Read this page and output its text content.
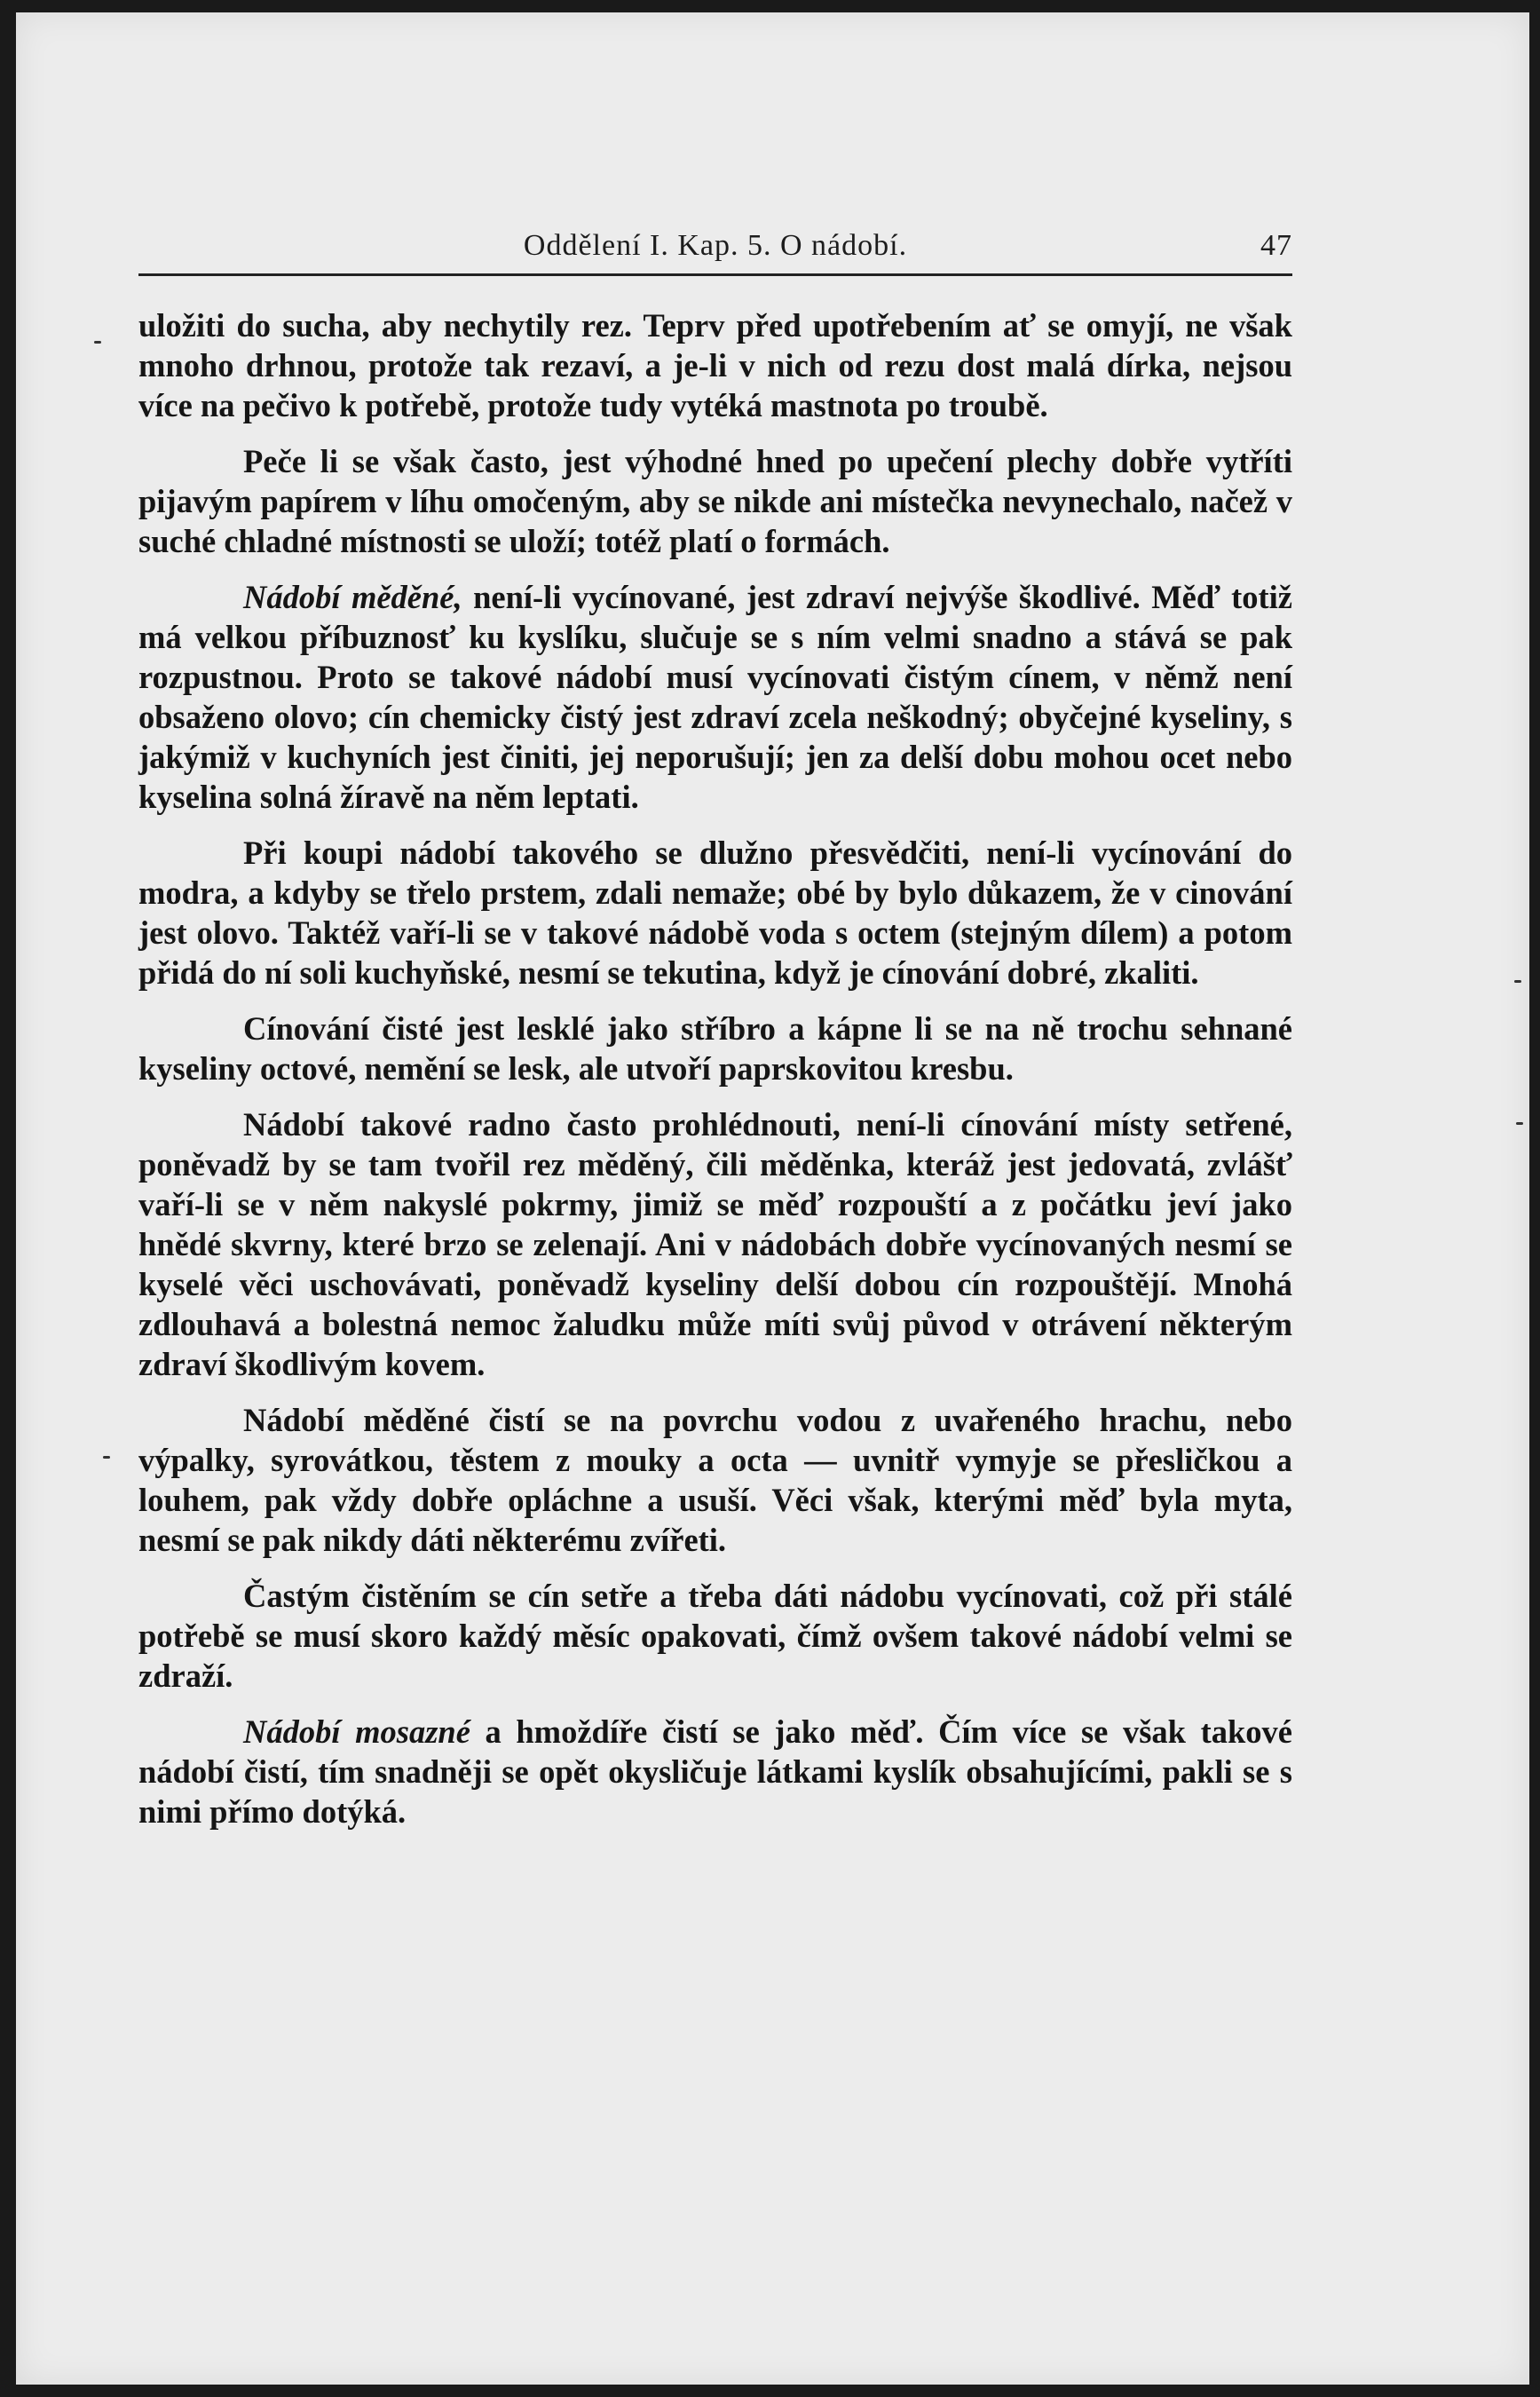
Oddělení I. Kap. 5. O nádobí.	47

uložiti do sucha, aby nechytily rez. Teprv před upotřebením ať se omyjí, ne však mnoho drhnou, protože tak rezaví, a je-li v nich od rezu dost malá dírka, nejsou více na pečivo k potřebě, protože tudy vytéká mastnota po troubě.

Peče li se však často, jest výhodné hned po upečení plechy dobře vytříti pijavým papírem v líhu omočeným, aby se nikde ani místečka nevynechalo, načež v suché chladné místnosti se uloží; totéž platí o formách.

Nádobí měděné, není-li vycínované, jest zdraví nejvýše škodlivé. Měď totiž má velkou příbuznosť ku kyslíku, slučuje se s ním velmi snadno a stává se pak rozpustnou. Proto se takové nádobí musí vycínovati čistým cínem, v němž není obsaženo olovo; cín chemicky čistý jest zdraví zcela neškodný; obyčejné kyseliny, s jakýmiž v kuchyních jest činiti, jej neporušují; jen za delší dobu mohou ocet nebo kyselina solná žíravě na něm leptati.

Při koupi nádobí takového se dlužno přesvědčiti, není-li vycínování do modra, a kdyby se třelo prstem, zdali nemaže; obé by bylo důkazem, že v cinování jest olovo. Taktéž vaří-li se v takové nádobě voda s octem (stejným dílem) a potom přidá do ní soli kuchyňské, nesmí se tekutina, když je cínování dobré, zkaliti.

Cínování čisté jest lesklé jako stříbro a kápne li se na ně trochu sehnané kyseliny octové, nemění se lesk, ale utvoří paprskovitou kresbu.

Nádobí takové radno často prohlédnouti, není-li cínování místy setřené, poněvadž by se tam tvořil rez měděný, čili měděnka, kteráž jest jedovatá, zvlášť vaří-li se v něm nakyslé pokrmy, jimiž se měď rozpouští a z počátku jeví jako hnědé skvrny, které brzo se zelenají. Ani v nádobách dobře vycínovaných nesmí se kyselé věci uschovávati, poněvadž kyseliny delší dobou cín rozpouštějí. Mnohá zdlouhavá a bolestná nemoc žaludku může míti svůj původ v otrávení některým zdraví škodlivým kovem.

Nádobí měděné čistí se na povrchu vodou z uvařeného hrachu, nebo výpalky, syrovátkou, těstem z mouky a octa — uvnitř vymyje se přesličkou a louhem, pak vždy dobře opláchne a usuší. Věci však, kterými měď byla myta, nesmí se pak nikdy dáti některému zvířeti.

Častým čistěním se cín setře a třeba dáti nádobu vycínovati, což při stálé potřebě se musí skoro každý měsíc opakovati, čímž ovšem takové nádobí velmi se zdraží.

Nádobí mosazné a hmoždíře čistí se jako měď. Čím více se však takové nádobí čistí, tím snadněji se opět okysličuje látkami kyslík obsahujícími, pakli se s nimi přímo dotýká.
